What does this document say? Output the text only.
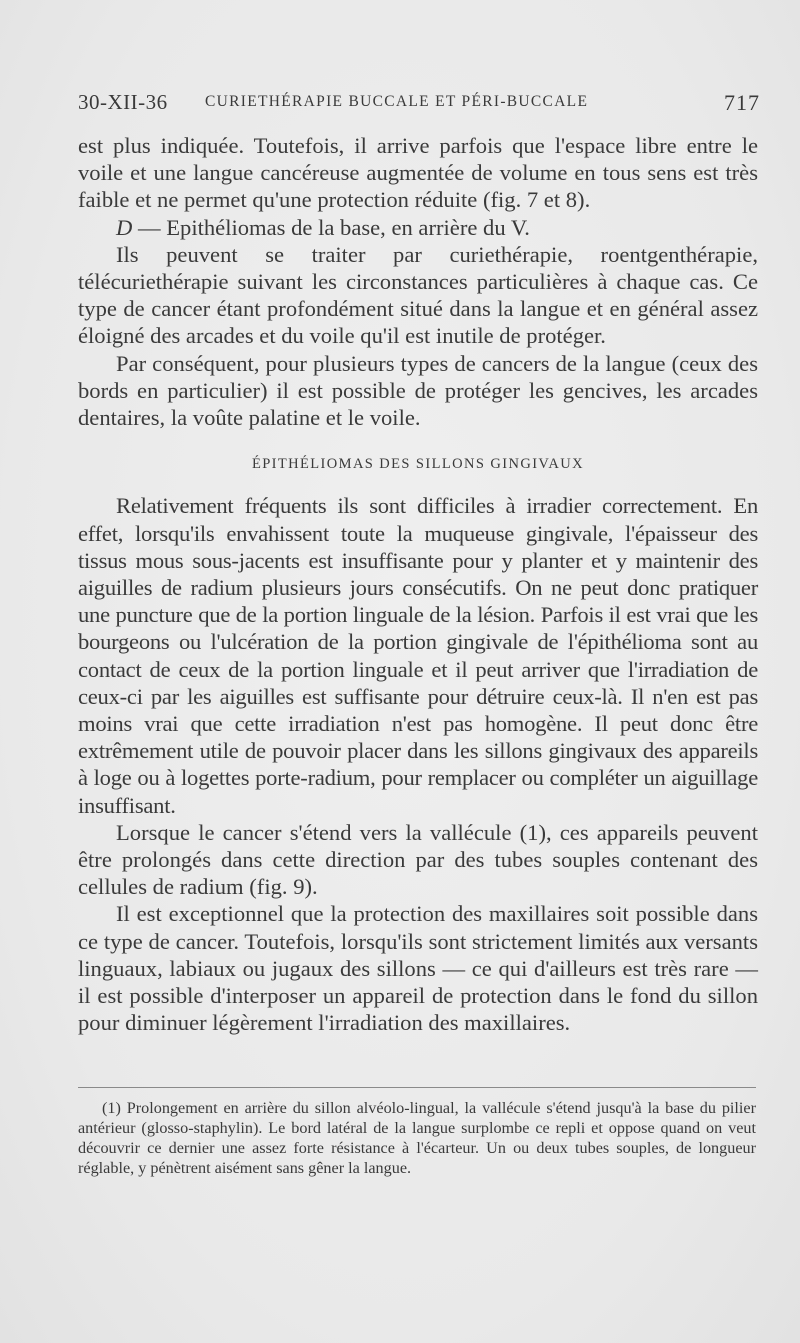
30-XII-36 CURIETHÉRAPIE BUCCALE ET PÉRI-BUCCALE	717

est plus indiquée. Toutefois, il arrive parfois que l'espace libre entre le voile et une langue cancéreuse augmentée de volume en tous sens est très faible et ne permet qu'une protection réduite (fig. 7 et 8).

D — Epithéliomas de la base, en arrière du V.

Ils peuvent se traiter par curiethérapie, roentgenthérapie, télécuriethérapie suivant les circonstances particulières à chaque cas. Ce type de cancer étant profondément situé dans la langue et en général assez éloigné des arcades et du voile qu'il est inutile de protéger.

Par conséquent, pour plusieurs types de cancers de la langue (ceux des bords en particulier) il est possible de protéger les gencives, les arcades dentaires, la voûte palatine et le voile.

ÉPITHÉLIOMAS DES SILLONS GINGIVAUX

Relativement fréquents ils sont difficiles à irradier correctement. En effet, lorsqu'ils envahissent toute la muqueuse gingivale, l'épaisseur des tissus mous sous-jacents est insuffisante pour y planter et y maintenir des aiguilles de radium plusieurs jours consécutifs. On ne peut donc pratiquer une puncture que de la portion linguale de la lésion. Parfois il est vrai que les bourgeons ou l'ulcération de la portion gingivale de l'épithélioma sont au contact de ceux de la portion linguale et il peut arriver que l'irradiation de ceux-ci par les aiguilles est suffisante pour détruire ceux-là. Il n'en est pas moins vrai que cette irradiation n'est pas homogène. Il peut donc être extrêmement utile de pouvoir placer dans les sillons gingivaux des appareils à loge ou à logettes porte-radium, pour remplacer ou compléter un aiguillage insuffisant.

Lorsque le cancer s'étend vers la vallécule (1), ces appareils peuvent être prolongés dans cette direction par des tubes souples contenant des cellules de radium (fig. 9).

Il est exceptionnel que la protection des maxillaires soit possible dans ce type de cancer. Toutefois, lorsqu'ils sont strictement limités aux versants linguaux, labiaux ou jugaux des sillons — ce qui d'ailleurs est très rare — il est possible d'interposer un appareil de protection dans le fond du sillon pour diminuer légèrement l'irradiation des maxillaires.

(1) Prolongement en arrière du sillon alvéolo-lingual, la vallécule s'étend jusqu'à la base du pilier antérieur (glosso-staphylin). Le bord latéral de la langue surplombe ce repli et oppose quand on veut découvrir ce dernier une assez forte résistance à l'écarteur. Un ou deux tubes souples, de longueur réglable, y pénètrent aisément sans gêner la langue.
